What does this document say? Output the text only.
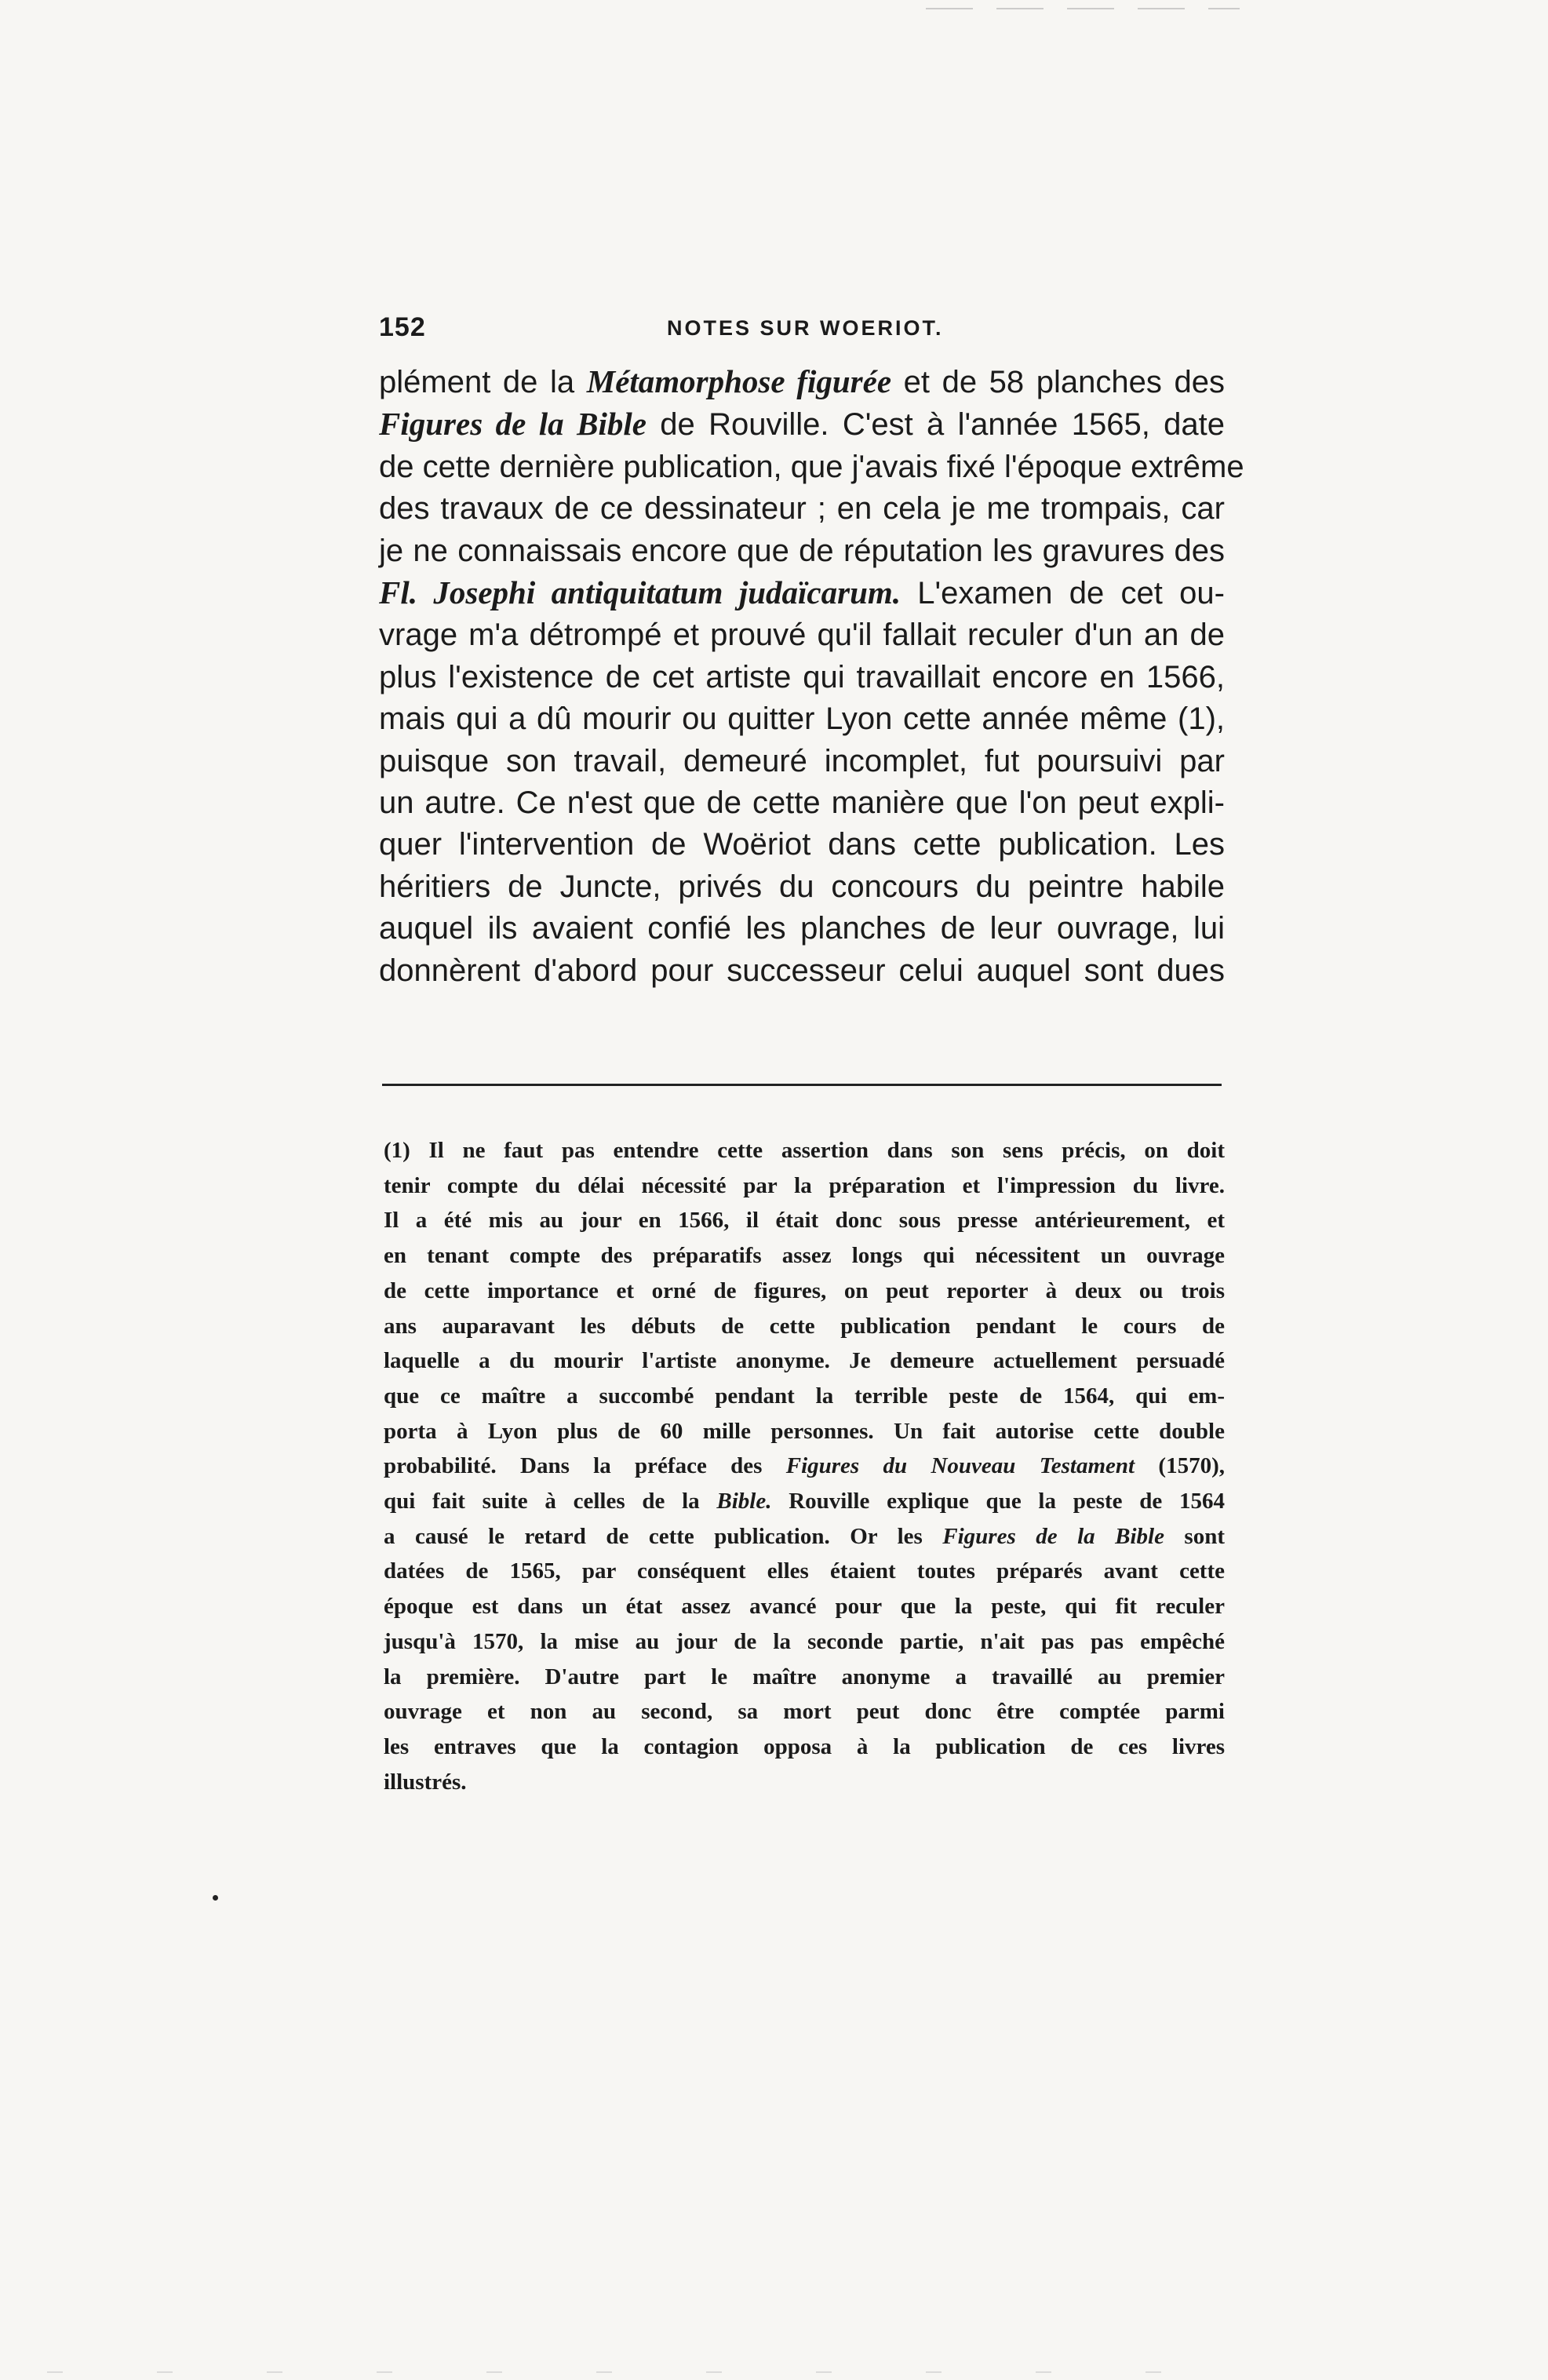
152	NOTES SUR WOERIOT.
plément de la Métamorphose figurée et de 58 planches des
Figures de la Bible de Rouville. C'est à l'année 1565, date
de cette dernière publication, que j'avais fixé l'époque extrême
des travaux de ce dessinateur ; en cela je me trompais, car
je ne connaissais encore que de réputation les gravures des
Fl. Josephi antiquitatum judaïcarum. L'examen de cet ou-
vrage m'a détrompé et prouvé qu'il fallait reculer d'un an de
plus l'existence de cet artiste qui travaillait encore en 1566,
mais qui a dû mourir ou quitter Lyon cette année même (1),
puisque son travail, demeuré incomplet, fut poursuivi par
un autre. Ce n'est que de cette manière que l'on peut expli-
quer l'intervention de Woëriot dans cette publication. Les
héritiers de Juncte, privés du concours du peintre habile
auquel ils avaient confié les planches de leur ouvrage, lui
donnèrent d'abord pour successeur celui auquel sont dues
(1) Il ne faut pas entendre cette assertion dans son sens précis, on doit
tenir compte du délai nécessité par la préparation et l'impression du livre.
Il a été mis au jour en 1566, il était donc sous presse antérieurement, et
en tenant compte des préparatifs assez longs qui nécessitent un ouvrage
de cette importance et orné de figures, on peut reporter à deux ou trois
ans auparavant les débuts de cette publication pendant le cours de
laquelle a du mourir l'artiste anonyme. Je demeure actuellement persuadé
que ce maître a succombé pendant la terrible peste de 1564, qui em-
porta à Lyon plus de 60 mille personnes. Un fait autorise cette double
probabilité. Dans la préface des Figures du Nouveau Testament (1570),
qui fait suite à celles de la Bible. Rouville explique que la peste de 1564
a causé le retard de cette publication. Or les Figures de la Bible sont
datées de 1565, par conséquent elles étaient toutes préparés avant cette
époque est dans un état assez avancé pour que la peste, qui fit reculer
jusqu'à 1570, la mise au jour de la seconde partie, n'ait pas pas empêché
la première. D'autre part le maître anonyme a travaillé au premier
ouvrage et non au second, sa mort peut donc être comptée parmi
les entraves que la contagion opposa à la publication de ces livres
illustrés.
